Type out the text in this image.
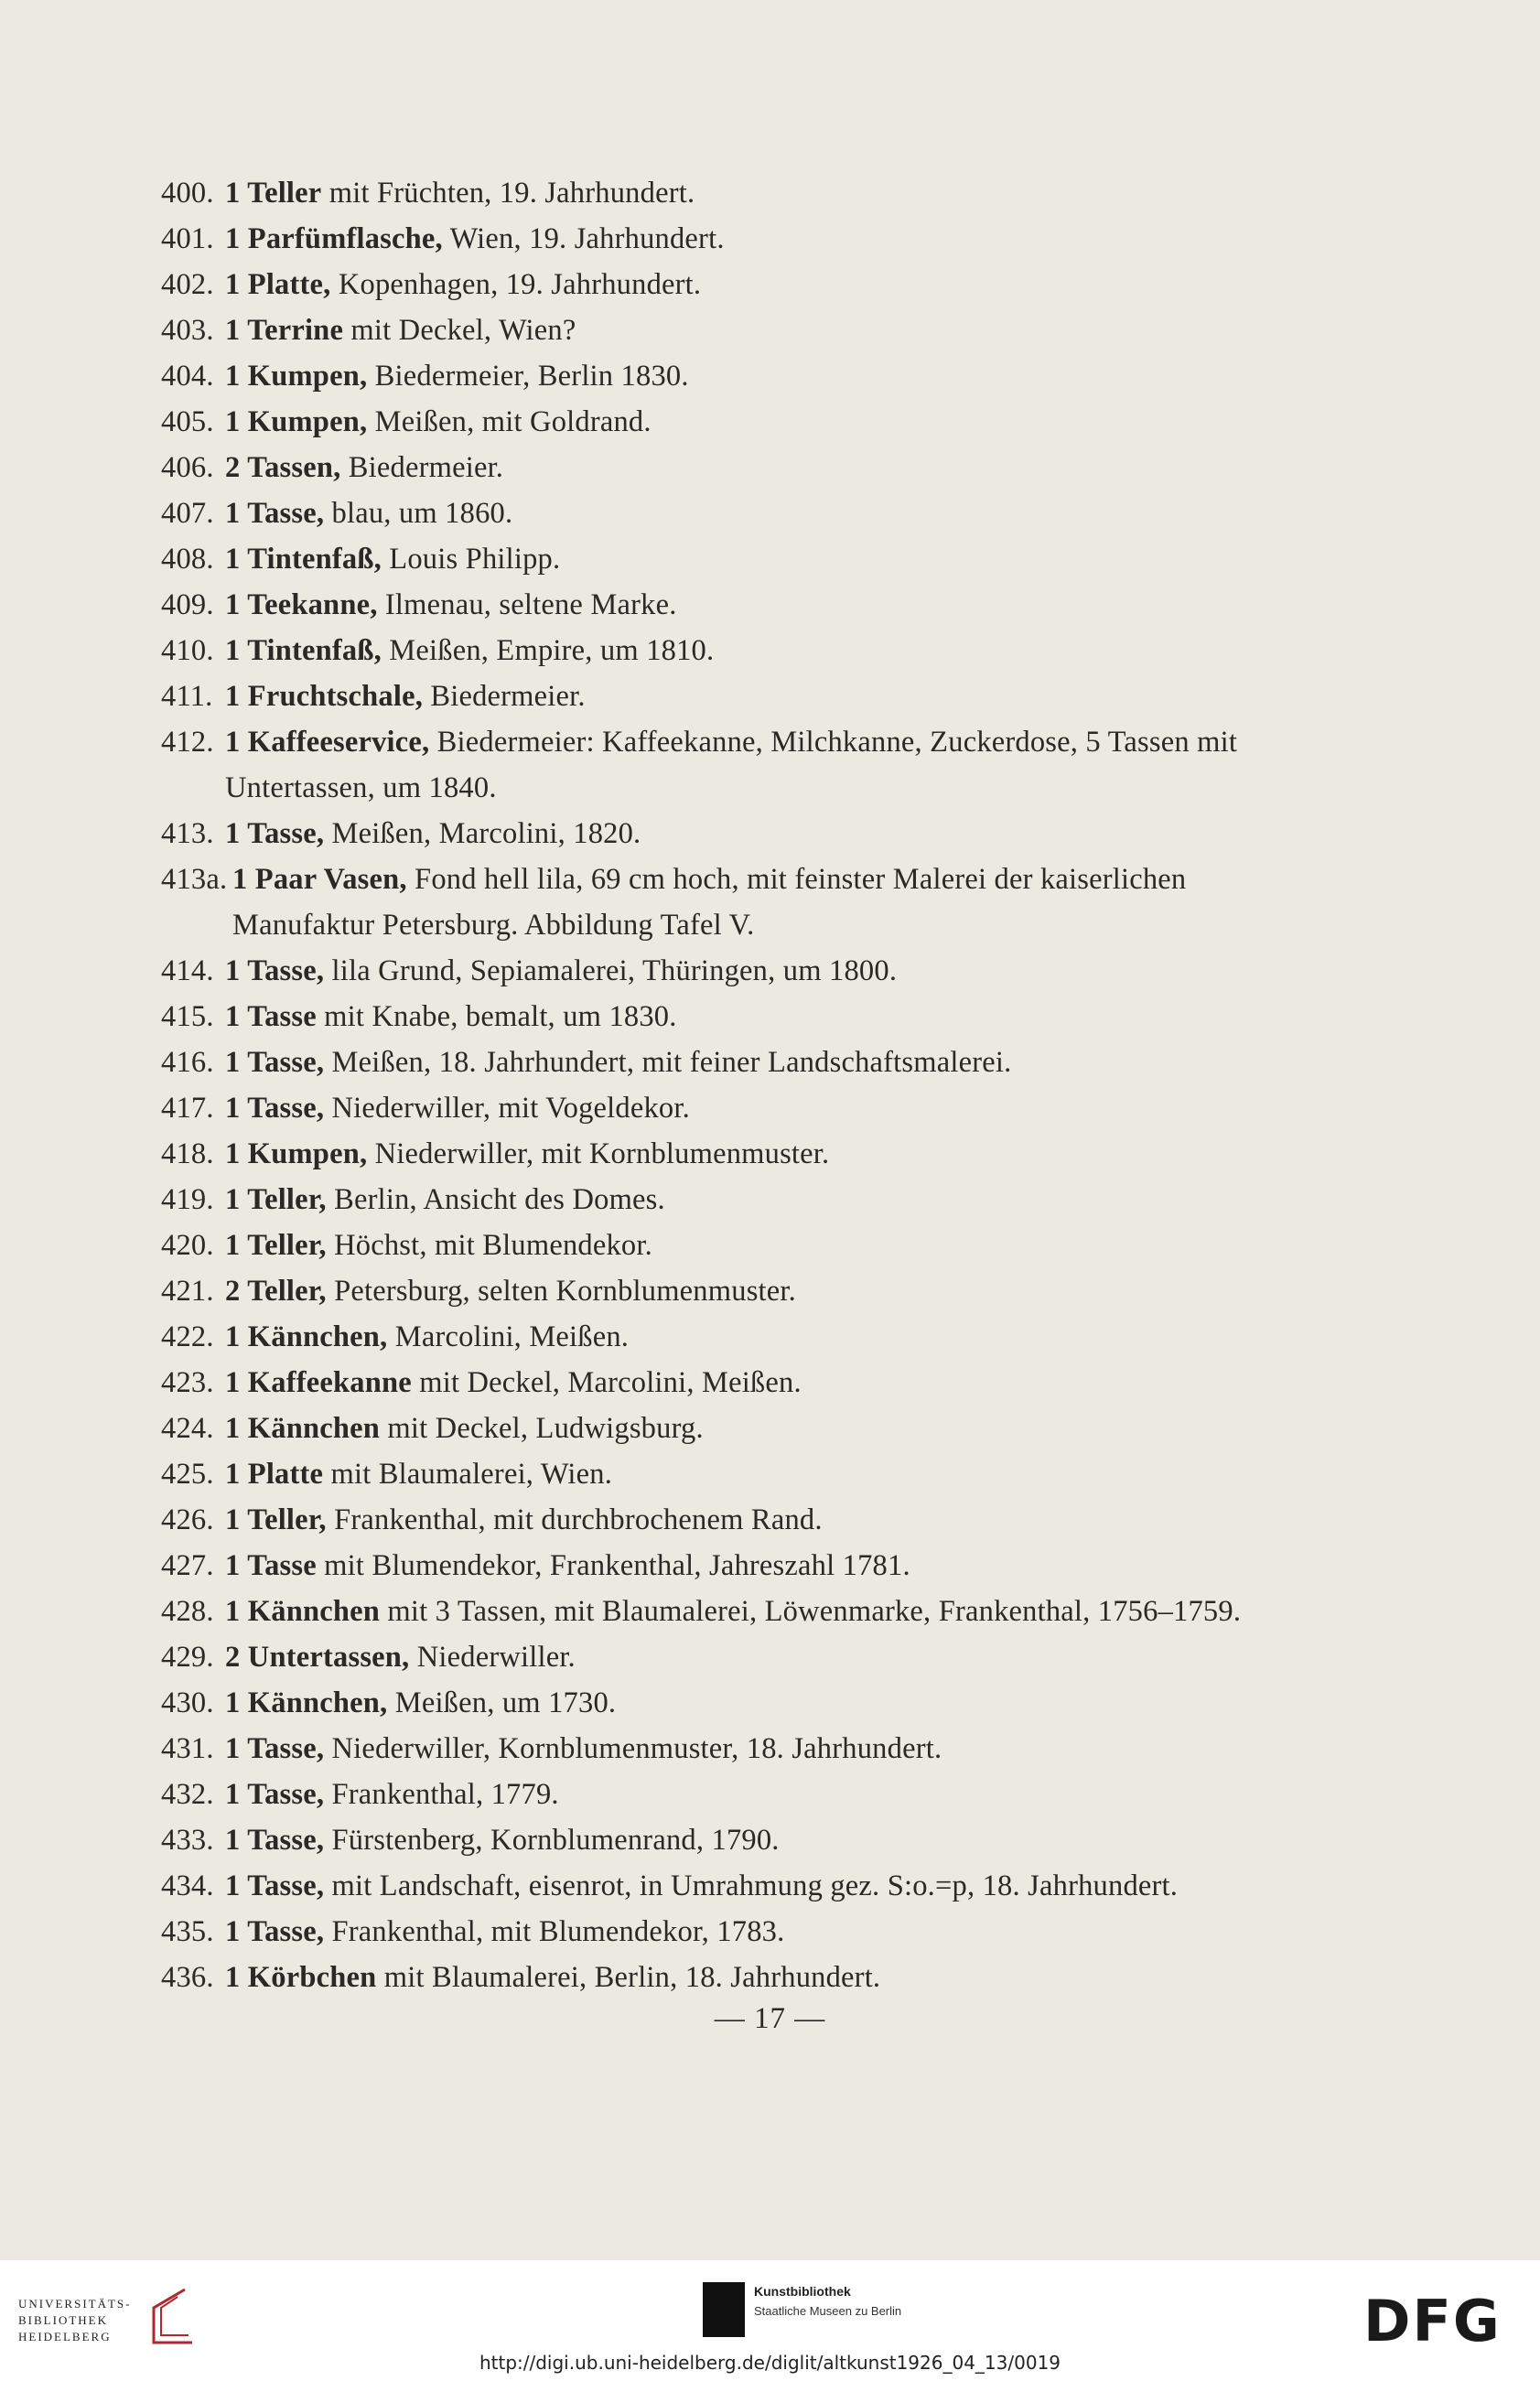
400. 1 Teller mit Früchten, 19. Jahrhundert.
401. 1 Parfümflasche, Wien, 19. Jahrhundert.
402. 1 Platte, Kopenhagen, 19. Jahrhundert.
403. 1 Terrine mit Deckel, Wien?
404. 1 Kumpen, Biedermeier, Berlin 1830.
405. 1 Kumpen, Meißen, mit Goldrand.
406. 2 Tassen, Biedermeier.
407. 1 Tasse, blau, um 1860.
408. 1 Tintenfaß, Louis Philipp.
409. 1 Teekanne, Ilmenau, seltene Marke.
410. 1 Tintenfaß, Meißen, Empire, um 1810.
411. 1 Fruchtschale, Biedermeier.
412. 1 Kaffeeservice, Biedermeier: Kaffeekanne, Milchkanne, Zuckerdose, 5 Tassen mit
Untertassen, um 1840.
413. 1 Tasse, Meißen, Marcolini, 1820.
413a. 1 Paar Vasen, Fond hell lila, 69 cm hoch, mit feinster Malerei der kaiserlichen
Manufaktur Petersburg. Abbildung Tafel V.
414. 1 Tasse, lila Grund, Sepiamalerei, Thüringen, um 1800.
415. 1 Tasse mit Knabe, bemalt, um 1830.
416. 1 Tasse, Meißen, 18. Jahrhundert, mit feiner Landschaftsmalerei.
417. 1 Tasse, Niederwiller, mit Vogeldekor.
418. 1 Kumpen, Niederwiller, mit Kornblumenmuster.
419. 1 Teller, Berlin, Ansicht des Domes.
420. 1 Teller, Höchst, mit Blumendekor.
421. 2 Teller, Petersburg, selten Kornblumenmuster.
422. 1 Kännchen, Marcolini, Meißen.
423. 1 Kaffeekanne mit Deckel, Marcolini, Meißen.
424. 1 Kännchen mit Deckel, Ludwigsburg.
425. 1 Platte mit Blaumalerei, Wien.
426. 1 Teller, Frankenthal, mit durchbrochenem Rand.
427. 1 Tasse mit Blumendekor, Frankenthal, Jahreszahl 1781.
428. 1 Kännchen mit 3 Tassen, mit Blaumalerei, Löwenmarke, Frankenthal, 1756–1759.
429. 2 Untertassen, Niederwiller.
430. 1 Kännchen, Meißen, um 1730.
431. 1 Tasse, Niederwiller, Kornblumenmuster, 18. Jahrhundert.
432. 1 Tasse, Frankenthal, 1779.
433. 1 Tasse, Fürstenberg, Kornblumenrand, 1790.
434. 1 Tasse, mit Landschaft, eisenrot, in Umrahmung gez. S:o.=p, 18. Jahrhundert.
435. 1 Tasse, Frankenthal, mit Blumendekor, 1783.
436. 1 Körbchen mit Blaumalerei, Berlin, 18. Jahrhundert.
— 17 —
UNIVERSITÄTS-
BIBLIOTHEK
HEIDELBERG
Kunstbibliothek
Staatliche Museen zu Berlin	DFG
http://digi.ub.uni-heidelberg.de/diglit/altkunst1926_04_13/0019
